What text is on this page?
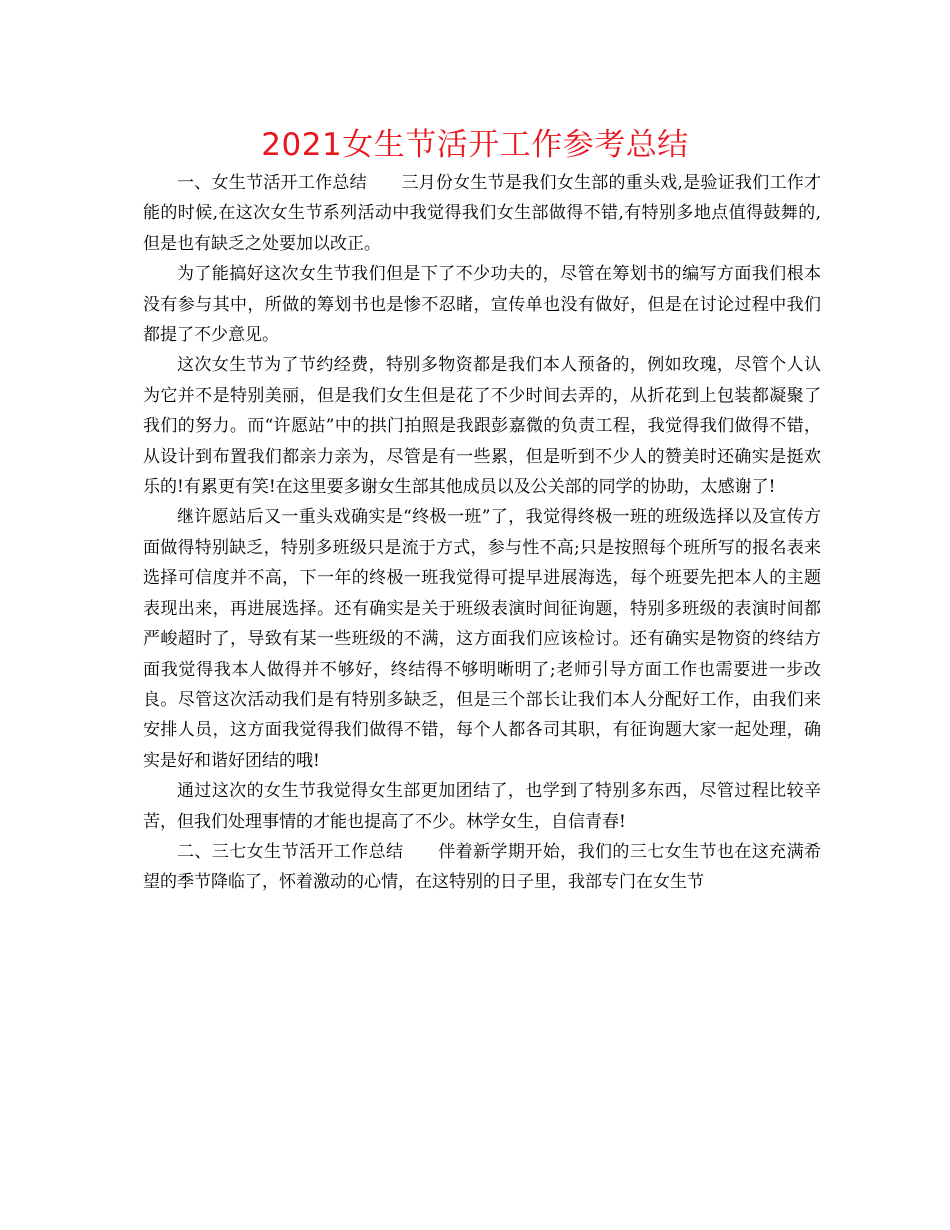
2021女生节活开工作参考总结

一、女生节活开工作总结　　三月份女生节是我们女生部的重头戏,是验证我们工作才能的时候,在这次女生节系列活动中我觉得我们女生部做得不错,有特别多地点值得鼓舞的,但是也有缺乏之处要加以改正。

为了能搞好这次女生节我们但是下了不少功夫的，尽管在筹划书的编写方面我们根本没有参与其中，所做的筹划书也是惨不忍睹，宣传单也没有做好，但是在讨论过程中我们都提了不少意见。

这次女生节为了节约经费，特别多物资都是我们本人预备的，例如玫瑰，尽管个人认为它并不是特别美丽，但是我们女生但是花了不少时间去弄的，从折花到上包装都凝聚了我们的努力。而“许愿站”中的拱门拍照是我跟彭嘉微的负责工程，我觉得我们做得不错，从设计到布置我们都亲力亲为，尽管是有一些累，但是听到不少人的赞美时还确实是挺欢乐的!有累更有笑!在这里要多谢女生部其他成员以及公关部的同学的协助，太感谢了!

继许愿站后又一重头戏确实是“终极一班”了，我觉得终极一班的班级选择以及宣传方面做得特别缺乏，特别多班级只是流于方式，参与性不高;只是按照每个班所写的报名表来选择可信度并不高，下一年的终极一班我觉得可提早进展海选，每个班要先把本人的主题表现出来，再进展选择。还有确实是关于班级表演时间征询题，特别多班级的表演时间都严峻超时了，导致有某一些班级的不满，这方面我们应该检讨。还有确实是物资的终结方面我觉得我本人做得并不够好，终结得不够明晰明了;老师引导方面工作也需要进一步改良。尽管这次活动我们是有特别多缺乏，但是三个部长让我们本人分配好工作，由我们来安排人员，这方面我觉得我们做得不错，每个人都各司其职，有征询题大家一起处理，确实是好和谐好团结的哦!

通过这次的女生节我觉得女生部更加团结了，也学到了特别多东西，尽管过程比较辛苦，但我们处理事情的才能也提高了不少。林学女生，自信青春!

二、三七女生节活开工作总结　　伴着新学期开始，我们的三七女生节也在这充满希望的季节降临了，怀着激动的心情，在这特别的日子里，我部专门在女生节
